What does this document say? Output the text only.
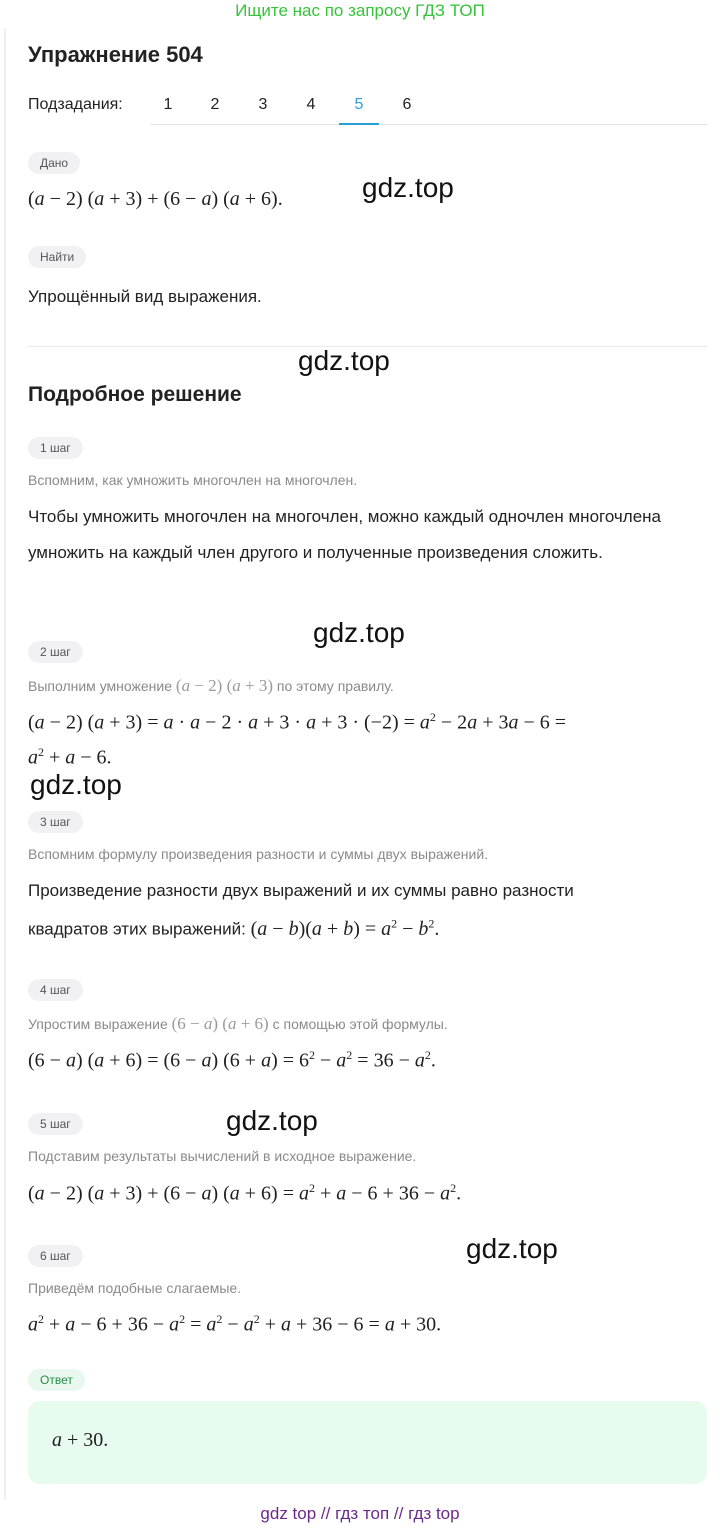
Ищите нас по запросу ГДЗ ТОП
Упражнение 504
Подзадания:	1	2	3	4	5	6
Дано
(a − 2) (a + 3) + (6 − a) (a + 6).
Найти
Упрощённый вид выражения.
Подробное решение
1 шаг
Вспомним, как умножить многочлен на многочлен.
Чтобы умножить многочлен на многочлен, можно каждый одночлен многочлена умножить на каждый член другого и полученные произведения сложить.
2 шаг
Выполним умножение (a − 2) (a + 3) по этому правилу.
(a − 2) $(a + 3) = a \cdot a - 2 \cdot a + 3 \cdot a + 3 \cdot (-2) = a^2 - 2a + 3a - 6$ =
$a^2 + a - 6$.
3 шаг
Вспомним формулу произведения разности и суммы двух выражений.
Произведение разности двух выражений и их суммы равно разности
квадратов этих выражений: $(a - b)(a + b) = a^2 - b^2$.
4 шаг
Упростим выражение (6 − a) (a + 6) с помощью этой формулы.
(6 − a) (a + 6) = (6 − a) $(6 + a) = 6^2 - a^2 = 36 - a^2$.
5 шаг
Подставим результаты вычислений в исходное выражение.
(a − 2) (a + 3) + (6 − a) $(a + 6) = a^2 + a - 6 + 36 - a^2$.
6 шаг
Приведём подобные слагаемые.
$a^2 + a - 6 + 36 - a^2 = a^2 - a^2 + a + 36 - 6 = a + 30$.
Ответ
a + 30.
gdz.top
gdz.top
gdz.top
gdz.top
gdz.top
gdz.top
gdz top // гдз топ // гдз top
